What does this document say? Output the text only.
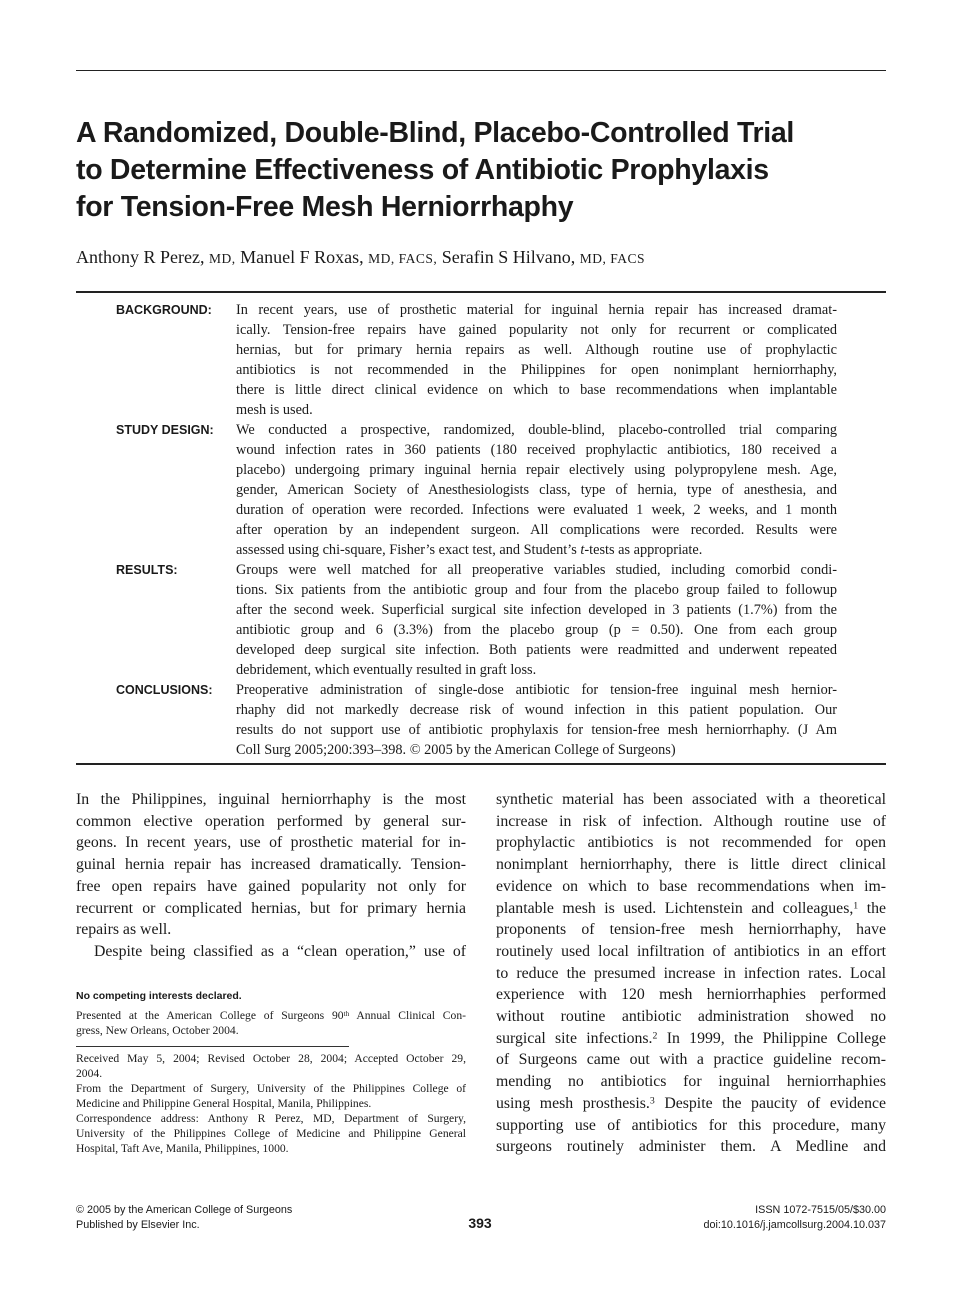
A Randomized, Double-Blind, Placebo-Controlled Trial
to Determine Effectiveness of Antibiotic Prophylaxis
for Tension-Free Mesh Herniorrhaphy
Anthony R Perez, MD, Manuel F Roxas, MD, FACS, Serafin S Hilvano, MD, FACS
BACKGROUND:	In recent years, use of prosthetic material for inguinal hernia repair has increased dramat-
ically. Tension-free repairs have gained popularity not only for recurrent or complicated
hernias, but for primary hernia repairs as well. Although routine use of prophylactic
antibiotics is not recommended in the Philippines for open nonimplant herniorrhaphy,
there is little direct clinical evidence on which to base recommendations when implantable
mesh is used.
STUDY DESIGN:	We conducted a prospective, randomized, double-blind, placebo-controlled trial comparing
wound infection rates in 360 patients (180 received prophylactic antibiotics, 180 received a
placebo) undergoing primary inguinal hernia repair electively using polypropylene mesh. Age,
gender, American Society of Anesthesiologists class, type of hernia, type of anesthesia, and
duration of operation were recorded. Infections were evaluated 1 week, 2 weeks, and 1 month
after operation by an independent surgeon. All complications were recorded. Results were
assessed using chi-square, Fisher’s exact test, and Student’s t-tests as appropriate.
RESULTS:	Groups were well matched for all preoperative variables studied, including comorbid condi-
tions. Six patients from the antibiotic group and four from the placebo group failed to followup
after the second week. Superficial surgical site infection developed in 3 patients (1.7%) from the
antibiotic group and 6 (3.3%) from the placebo group (p = 0.50). One from each group
developed deep surgical site infection. Both patients were readmitted and underwent repeated
debridement, which eventually resulted in graft loss.
CONCLUSIONS:	Preoperative administration of single-dose antibiotic for tension-free inguinal mesh hernior-
rhaphy did not markedly decrease risk of wound infection in this patient population. Our
results do not support use of antibiotic prophylaxis for tension-free mesh herniorrhaphy. (J Am
Coll Surg 2005;200:393–398. © 2005 by the American College of Surgeons)
In the Philippines, inguinal herniorrhaphy is the most
common elective operation performed by general sur-
geons. In recent years, use of prosthetic material for in-
guinal hernia repair has increased dramatically. Tension-
free open repairs have gained popularity not only for
recurrent or complicated hernias, but for primary hernia
repairs as well.
Despite being classified as a “clean operation,” use of
No competing interests declared.
Presented at the American College of Surgeons 90th Annual Clinical Con-
gress, New Orleans, October 2004.
Received May 5, 2004; Revised October 28, 2004; Accepted October 29,
2004.
From the Department of Surgery, University of the Philippines College of
Medicine and Philippine General Hospital, Manila, Philippines.
Correspondence address: Anthony R Perez, MD, Department of Surgery,
University of the Philippines College of Medicine and Philippine General
Hospital, Taft Ave, Manila, Philippines, 1000.
synthetic material has been associated with a theoretical
increase in risk of infection. Although routine use of
prophylactic antibiotics is not recommended for open
nonimplant herniorrhaphy, there is little direct clinical
evidence on which to base recommendations when im-
plantable mesh is used. Lichtenstein and colleagues,$^1$ the
proponents of tension-free mesh herniorrhaphy, have
routinely used local infiltration of antibiotics in an effort
to reduce the presumed increase in infection rates. Local
experience with 120 mesh herniorrhaphies performed
without routine antibiotic administration showed no
surgical site infections.$^2$ In 1999, the Philippine College
of Surgeons came out with a practice guideline recom-
mending no antibiotics for inguinal herniorrhaphies
using mesh prosthesis.$^3$ Despite the paucity of evidence
supporting use of antibiotics for this procedure, many
surgeons routinely administer them. A Medline and
© 2005 by the American College of Surgeons
Published by Elsevier Inc.	393
ISSN 1072-7515/05/$30.00
doi:10.1016/j.jamcollsurg.2004.10.037
